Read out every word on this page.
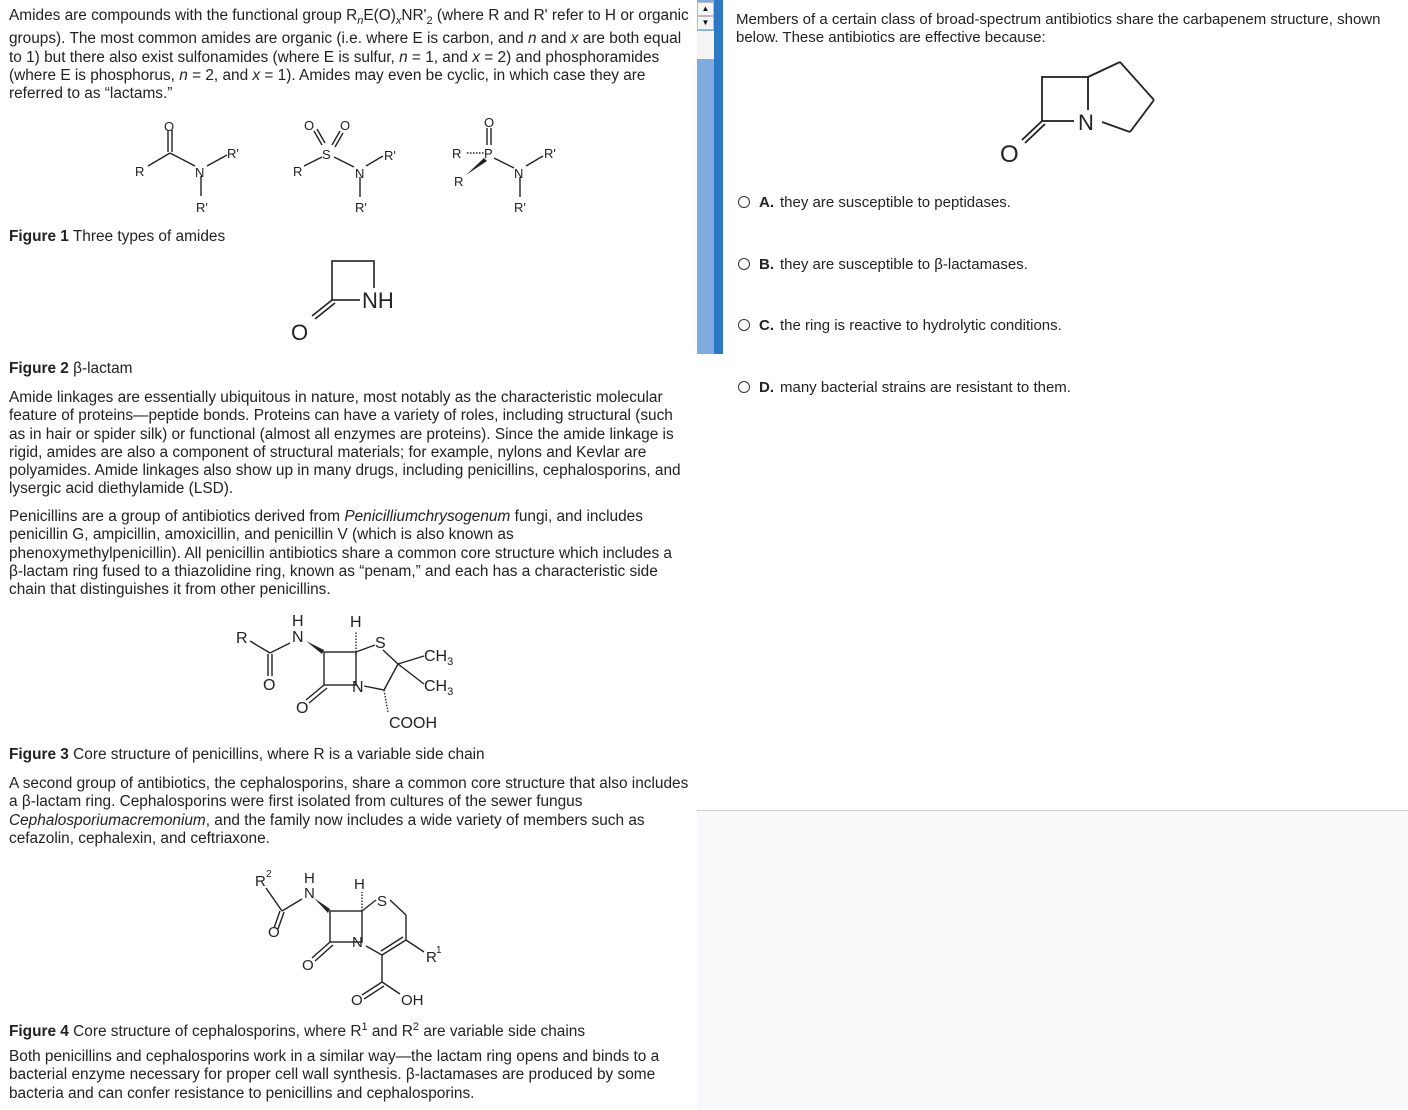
Amides are compounds with the functional group $R_nE(O)_xNR'_2$ (where R and R' refer to H or organic groups). The most common amides are organic (i.e. where E is carbon, and n and x are both equal to 1) but there also exist sulfonamides (where E is sulfur, n = 1, and x = 2) and phosphoramides (where E is phosphorus, n = 2, and x = 1). Amides may even be cyclic, in which case they are referred to as “lactams.”

O
R	N
R'
R'
O O
S
R	N
R'
R'
O
R P
R
N
R'
R'

Figure 1 Three types of amides

NH
O

Figure 2 β-lactam

Amide linkages are essentially ubiquitous in nature, most notably as the characteristic molecular feature of proteins—peptide bonds. Proteins can have a variety of roles, including structural (such as in hair or spider silk) or functional (almost all enzymes are proteins). Since the amide linkage is rigid, amides are also a component of structural materials; for example, nylons and Kevlar are polyamides. Amide linkages also show up in many drugs, including penicillins, cephalosporins, and lysergic acid diethylamide (LSD).

Penicillins are a group of antibiotics derived from Penicilliumchrysogenum fungi, and includes penicillin G, ampicillin, amoxicillin, and penicillin V (which is also known as phenoxymethylpenicillin). All penicillin antibiotics share a common core structure which includes a β-lactam ring fused to a thiazolidine ring, known as “penam,” and each has a characteristic side chain that distinguishes it from other penicillins.

R
H
N
H
S
N
O
O
$CH_3$
$CH_3$
COOH

Figure 3 Core structure of penicillins, where R is a variable side chain

A second group of antibiotics, the cephalosporins, share a common core structure that also includes a β-lactam ring. Cephalosporins were first isolated from cultures of the sewer fungus Cephalosporiumacremonium, and the family now includes a wide variety of members such as cefazolin, cephalexin, and ceftriaxone.

R 2 H
N
H
S
N
O
O	R 1
O	OH

Figure 4 Core structure of cephalosporins, where $R^1$ and $R^2$ are variable side chains

Both penicillins and cephalosporins work in a similar way—the lactam ring opens and binds to a bacterial enzyme necessary for proper cell wall synthesis. β-lactamases are produced by some bacteria and can confer resistance to penicillins and cephalosporins.

▲
▼	Members of a certain class of broad-spectrum antibiotics share the carbapenem structure, shown below. These antibiotics are effective because:

N
O
A. they are susceptible to peptidases.
B. they are susceptible to β-lactamases.
C. the ring is reactive to hydrolytic conditions.
D. many bacterial strains are resistant to them.
